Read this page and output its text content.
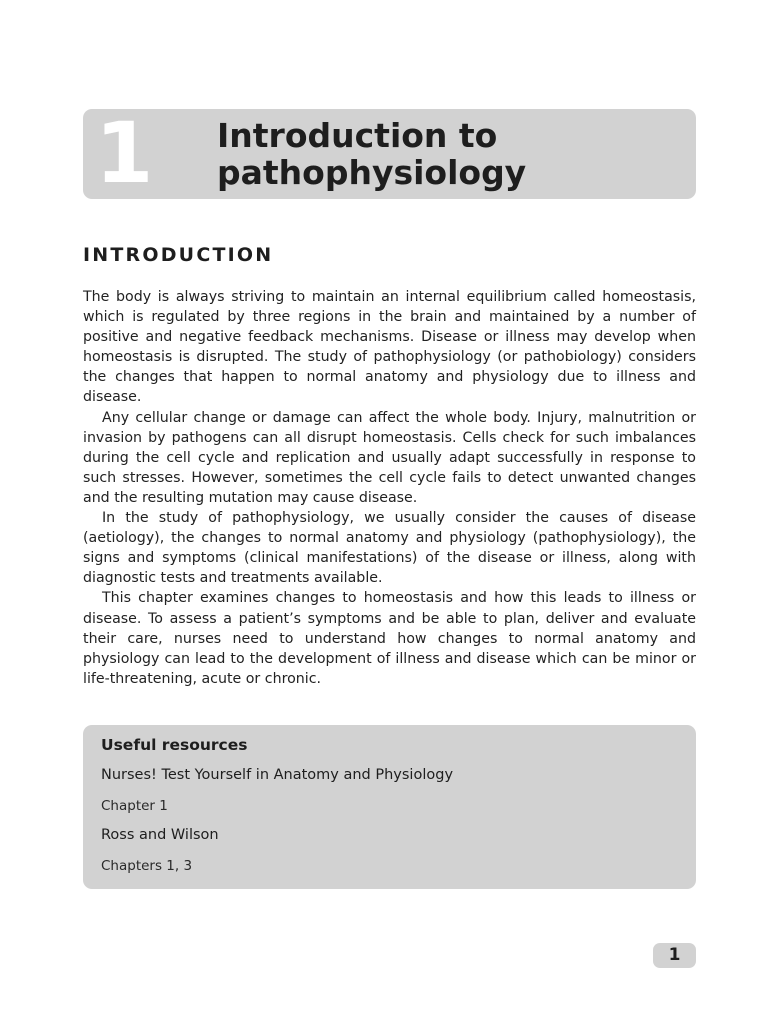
1 Introduction to
pathophysiology
INTRODUCTION

The body is always striving to maintain an internal equilibrium called homeostasis, which is regulated by three regions in the brain and maintained by a number of positive and negative feedback mechanisms. Disease or illness may develop when homeostasis is disrupted. The study of pathophysiology (or pathobiology) considers the changes that happen to normal anatomy and physiology due to illness and disease.

Any cellular change or damage can affect the whole body. Injury, malnutrition or invasion by pathogens can all disrupt homeostasis. Cells check for such imbalances during the cell cycle and replication and usually adapt successfully in response to such stresses. However, sometimes the cell cycle fails to detect unwanted changes and the resulting mutation may cause disease.

In the study of pathophysiology, we usually consider the causes of disease (aetiology), the changes to normal anatomy and physiology (pathophysiology), the signs and symptoms (clinical manifestations) of the disease or illness, along with diagnostic tests and treatments available.

This chapter examines changes to homeostasis and how this leads to illness or disease. To assess a patient’s symptoms and be able to plan, deliver and evaluate their care, nurses need to understand how changes to normal anatomy and physiology can lead to the development of illness and disease which can be minor or life-threatening, acute or chronic.

Useful resources
Nurses! Test Yourself in Anatomy and Physiology
Chapter 1
Ross and Wilson
Chapters 1, 3
1
